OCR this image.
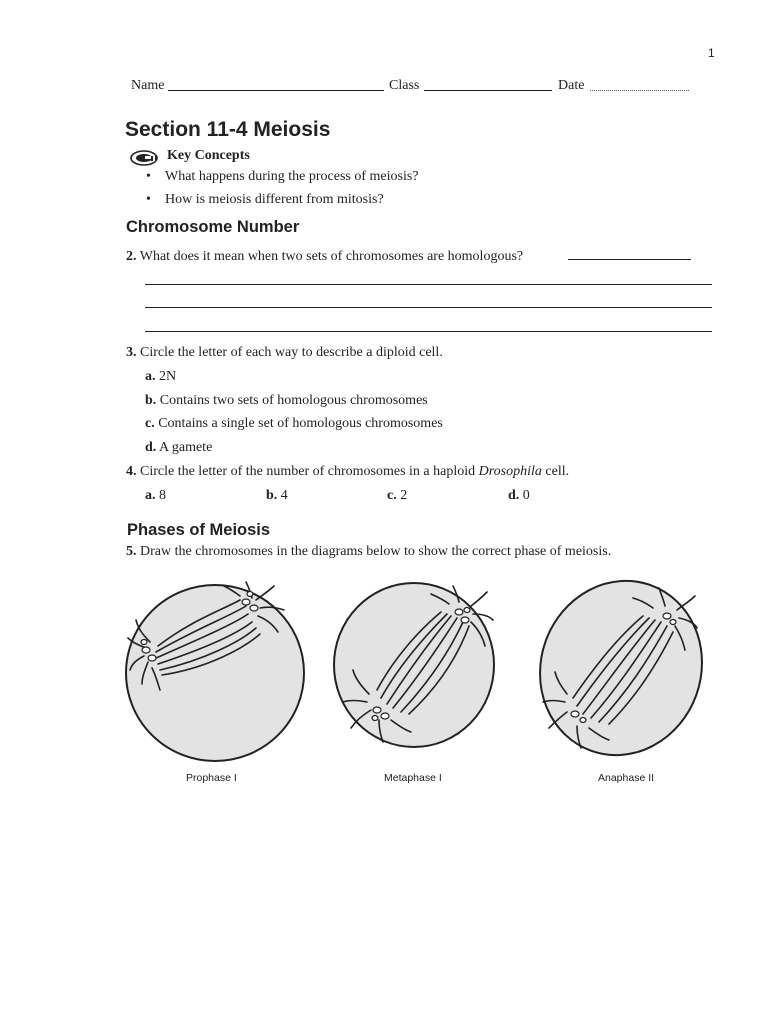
1
Name	Class	Date
Section 11-4 Meiosis
Key Concepts
• What happens during the process of meiosis?
• How is meiosis different from mitosis?
Chromosome Number
2. What does it mean when two sets of chromosomes are homologous?
3. Circle the letter of each way to describe a diploid cell.
a. 2N
b. Contains two sets of homologous chromosomes
c. Contains a single set of homologous chromosomes
d. A gamete
4. Circle the letter of the number of chromosomes in a haploid Drosophila cell.
a. 8	b. 4	c. 2	d. 0
Phases of Meiosis
5. Draw the chromosomes in the diagrams below to show the correct phase of meiosis.
Prophase I	Metaphase I	Anaphase II
